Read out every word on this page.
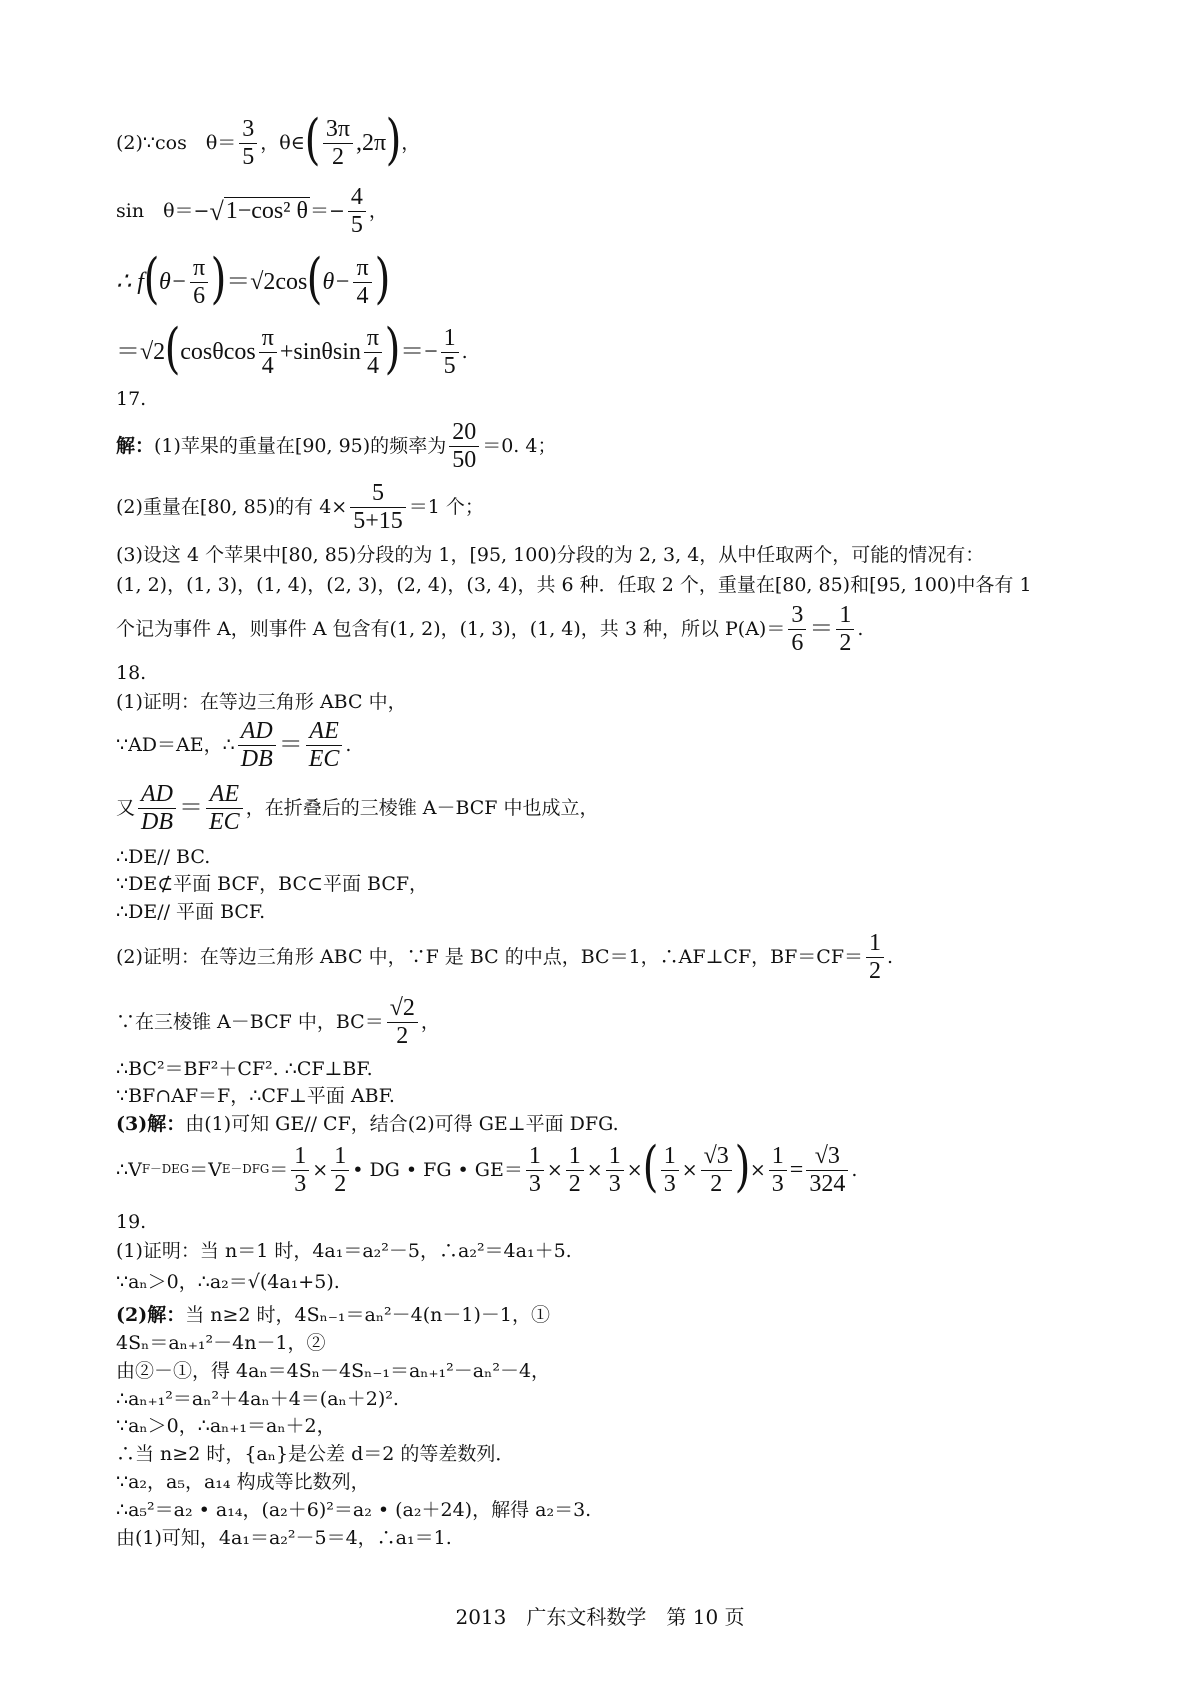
(2)∵cos　$\theta= \frac{3}{5}$ ，θ∈ ( $\frac{3\pi}{2} ,2\pi$ ) ，
sin　θ＝− √ 1−cos² $\theta =- \frac{4}{5}$ ，
∴ f ( $\theta- \frac{\pi}{6}$ ) ＝√2cos ( $\theta- \frac{\pi}{4}$ )
＝√2 ( cosθcos $\frac{\pi}{4} +\sin\theta\sin \frac{\pi}{4}$ ) ＝− $\frac{1}{5}$ .
17.
解： (1)苹果的重量在[90, 95)的频率为 $\frac{20}{50} =0$. 4；
(2)重量在[80, 85)的有 $4\times \frac{5}{5+15} =1$ 个；
(3)设这 4 个苹果中[80, 85)分段的为 1，[95, 100)分段的为 2, 3, 4，从中任取两个，可能的情况有：
(1, 2)，(1, 3)，(1, 4)，(2, 3)，(2, 4)，(3, 4)，共 6 种．任取 2 个，重量在[80, 85)和[95, 100)中各有 1
个记为事件 A，则事件 A 包含有(1, 2)，(1, 3)，(1, 4)，共 3 种，所以 $P(A)= \frac{3}{6} = \frac{1}{2}$ .
18.
(1)证明：在等边三角形 ABC 中，
∵AD＝AE，∴ $\frac{AD}{DB} = \frac{AE}{EC}$ .
又 $\frac{AD}{DB} = \frac{AE}{EC}$ ，在折叠后的三棱锥 A－BCF 中也成立，
∴DE// BC.
∵DE⊄平面 BCF，BC⊂平面 BCF，
∴DE// 平面 BCF.
(2)证明：在等边三角形 ABC 中，∵F 是 BC 的中点，BC＝1，∴AF⊥CF，$BF=CF= \frac{1}{2}$ .
∵在三棱锥 A－BCF 中，$BC= \frac{√2}{2}$ ，
∴BC²＝BF²＋CF². ∴CF⊥BF.
∵BF∩AF＝F，∴CF⊥平面 ABF.
(3)解： 由(1)可知 GE// CF，结合(2)可得 GE⊥平面 DFG.
∴V F－DEG ＝V $E-DFG = \frac{1}{3} \times \frac{1}{2}$ • DG • FG • $GE= \frac{1}{3} \times \frac{1}{2} \times \frac{1}{3}$ × ( $\frac{1}{3} \times \frac{√3}{2}$ ) × $\frac{1}{3} = \frac{√3}{324}$ .
19.
(1)证明：当 n＝1 时，4a₁＝a₂²－5，∴a₂²＝4a₁＋5.
∵aₙ＞0，∴a₂＝√(4a₁+5).
(2)解： 当 n≥2 时，4Sₙ₋₁＝aₙ²－4(n－1)－1，①
4Sₙ＝aₙ₊₁²－4n－1，②
由②－①，得 4aₙ＝4Sₙ－4Sₙ₋₁＝aₙ₊₁²－aₙ²－4，
∴aₙ₊₁²＝aₙ²＋4aₙ＋4＝(aₙ＋2)².
∵aₙ＞0，∴aₙ₊₁＝aₙ＋2，
∴当 n≥2 时，{aₙ}是公差 d＝2 的等差数列．
∵a₂，a₅，a₁₄ 构成等比数列，
∴a₅²＝a₂ • a₁₄，(a₂＋6)²＝a₂ • (a₂＋24)，解得 a₂＝3.
由(1)可知，4a₁＝a₂²－5＝4，∴a₁＝1.
2013　广东文科数学　第 10 页
